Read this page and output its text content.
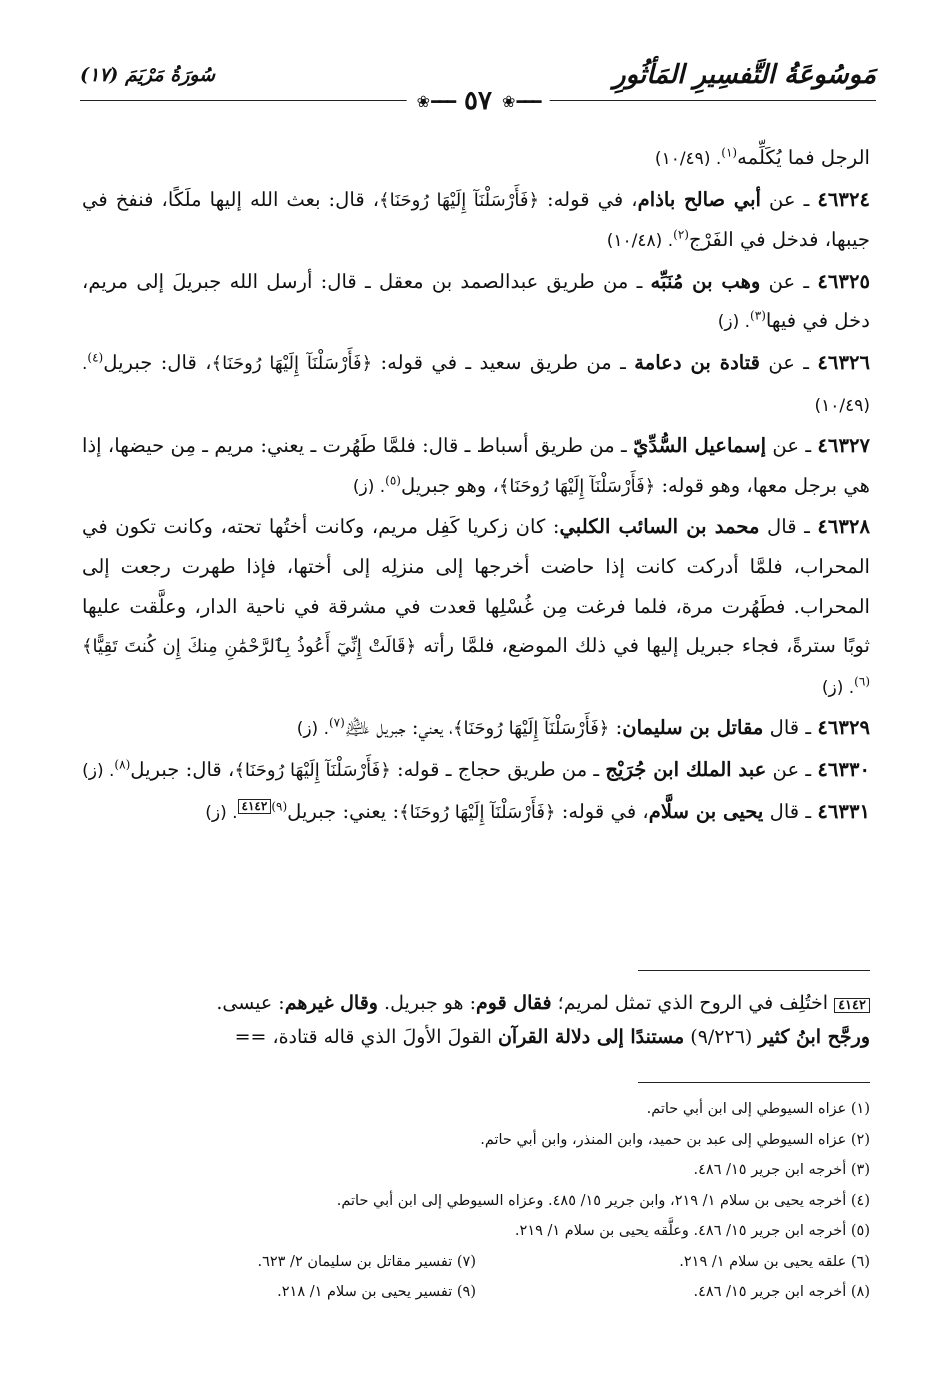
مَوسُوعَةُ التَّفسِيرِ المَأثُورِ
❀ ━━━ ٥٧ ❀ ━━━
سُورَةُ مَرْيَمَ (١٧)

الرجل فما يُكَلِّمه$^{(١)}$. (١٠/٤٩)

٤٦٣٢٤ ـ عن أبي صالح باذام، في قوله: ﴿فَأَرْسَلْنَآ إِلَيْهَا رُوحَنَا﴾، قال: بعث الله إليها ملَكًا، فنفخ في جيبها، فدخل في الفَرْج$^{(٢)}$. (١٠/٤٨)

٤٦٣٢٥ ـ عن وهب بن مُنَبِّه ـ من طريق عبدالصمد بن معقل ـ قال: أرسل الله جبريلَ إلى مريم، دخل في فيها$^{(٣)}$. (ز)

٤٦٣٢٦ ـ عن قتادة بن دعامة ـ من طريق سعيد ـ في قوله: ﴿فَأَرْسَلْنَآ إِلَيْهَا رُوحَنَا﴾، قال: جبريل$^{(٤)}$. (١٠/٤٩)

٤٦٣٢٧ ـ عن إسماعيل السُّدِّيّ ـ من طريق أسباط ـ قال: فلمَّا طَهُرت ـ يعني: مريم ـ مِن حيضها، إذا هي برجل معها، وهو قوله: ﴿فَأَرْسَلْنَآ إِلَيْهَا رُوحَنَا﴾، وهو جبريل$^{(٥)}$. (ز)

٤٦٣٢٨ ـ قال محمد بن السائب الكلبي: كان زكريا كَفِل مريم، وكانت أختُها تحته، وكانت تكون في المحراب، فلمَّا أدركت كانت إذا حاضت أخرجها إلى منزلِه إلى أختها، فإذا طهرت رجعت إلى المحراب. فطَهُرت مرة، فلما فرغت مِن غُسْلِها قعدت في مشرقة في ناحية الدار، وعلَّقت عليها ثوبًا سترةً، فجاء جبريل إليها في ذلك الموضع، فلمَّا رأته ﴿قَالَتْ إِنِّيٓ أَعُوذُ بِٱلرَّحْمَٰنِ مِنكَ إِن كُنتَ تَقِيًّا﴾$^{(٦)}$. (ز)

٤٦٣٢٩ ـ قال مقاتل بن سليمان: ﴿فَأَرْسَلْنَآ إِلَيْهَا رُوحَنَا﴾، يعني: جبريل ﵇$^{(٧)}$. (ز)

٤٦٣٣٠ ـ عن عبد الملك ابن جُرَيْج ـ من طريق حجاج ـ قوله: ﴿فَأَرْسَلْنَآ إِلَيْهَا رُوحَنَا﴾، قال: جبريل$^{(٨)}$. (ز)

٤٦٣٣١ ـ قال يحيى بن سلَّام، في قوله: ﴿فَأَرْسَلْنَآ إِلَيْهَا رُوحَنَا﴾: يعني: جبريل$^{(٩)}$٤١٤٢. (ز)

٤١٤٢ اختُلِف في الروح الذي تمثل لمريم؛ فقال قوم: هو جبريل. وقال غيرهم: عيسى.
ورجَّح ابنُ كثير (٩/٢٢٦) مستندًا إلى دلالة القرآن القولَ الأولَ الذي قاله قتادة، ==

(١) عزاه السيوطي إلى ابن أبي حاتم.

(٢) عزاه السيوطي إلى عبد بن حميد، وابن المنذر، وابن أبي حاتم.

(٣) أخرجه ابن جرير ١٥/ ٤٨٦.

(٤) أخرجه يحيى بن سلام ١/ ٢١٩، وابن جرير ١٥/ ٤٨٥. وعزاه السيوطي إلى ابن أبي حاتم.

(٥) أخرجه ابن جرير ١٥/ ٤٨٦. وعلَّقه يحيى بن سلام ١/ ٢١٩.

(٦) علقه يحيى بن سلام ١/ ٢١٩.

(٧) تفسير مقاتل بن سليمان ٢/ ٦٢٣.

(٨) أخرجه ابن جرير ١٥/ ٤٨٦.

(٩) تفسير يحيى بن سلام ١/ ٢١٨.
